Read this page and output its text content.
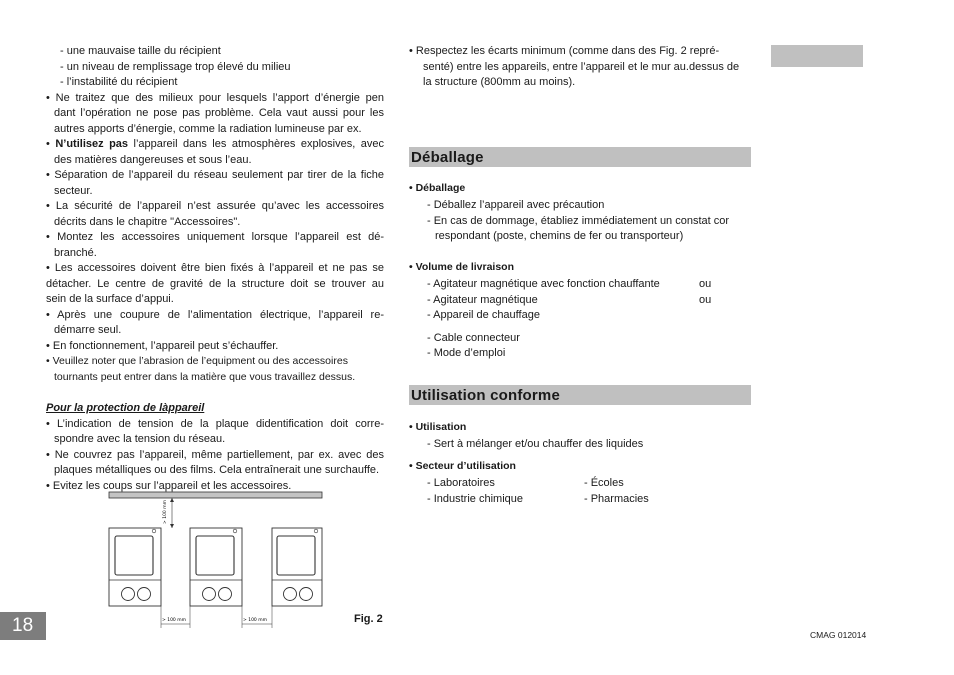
- une mauvaise taille du récipient
- un niveau de remplissage trop élevé du milieu
- l’instabilité du récipient
• Ne traitez que des milieux pour lesquels l’apport d’énergie pen
dant l’opération ne pose pas problème. Cela vaut aussi pour les
autres apports d’énergie, comme la radiation lumineuse par ex.
• N’utilisez pas l’appareil dans les atmosphères explosives, avec
des matières dangereuses et sous l’eau.
• Séparation de l’appareil du réseau seulement par tirer de la fiche
secteur.
• La sécurité de l’appareil n’est assurée qu’avec les accessoires
décrits dans le chapitre "Accessoires".
• Montez les accessoires uniquement lorsque l’appareil est dé-
branché.
• Les accessoires doivent être bien fixés à l’appareil et ne pas se
détacher. Le centre de gravité de la structure doit se trouver au
sein de la surface d’appui.
• Après une coupure de l’alimentation électrique, l’appareil re-
démarre seul.
• En fonctionnement, l’appareil peut s’échauffer.
• Veuillez noter que l’abrasion de l’equipment ou des accessoires
tournants peut entrer dans la matière que vous travaillez dessus.
Pour la protection de làppareil
• L’indication de tension de la plaque didentification doit corre-
spondre avec la tension du réseau.
• Ne couvrez pas l’appareil, même partiellement, par ex. avec des
plaques métalliques ou des films. Cela entraînerait une surchauffe.
• Evitez les coups sur l’appareil et les accessoires.
> 100 mm
> 100 mm	> 100 mm	Fig. 2
• Respectez les écarts minimum (comme dans des Fig. 2 repré-
senté) entre les appareils, entre l’appareil et le mur au.dessus de
la structure (800mm au moins).
Déballage
• Déballage
- Déballez l’appareil avec précaution
- En cas de dommage, établiez immédiatement un constat cor
respondant (poste, chemins de fer ou transporteur)
• Volume de livraison
- Agitateur magnétique avec fonction chauffante	ou
- Agitateur magnétique	ou
- Appareil de chauffage
- Cable connecteur
- Mode d’emploi
Utilisation conforme
• Utilisation
- Sert à mélanger et/ou chauffer des liquides
• Secteur d’utilisation
- Laboratoires	- Écoles
- Industrie chimique	- Pharmacies
18	CMAG 012014
